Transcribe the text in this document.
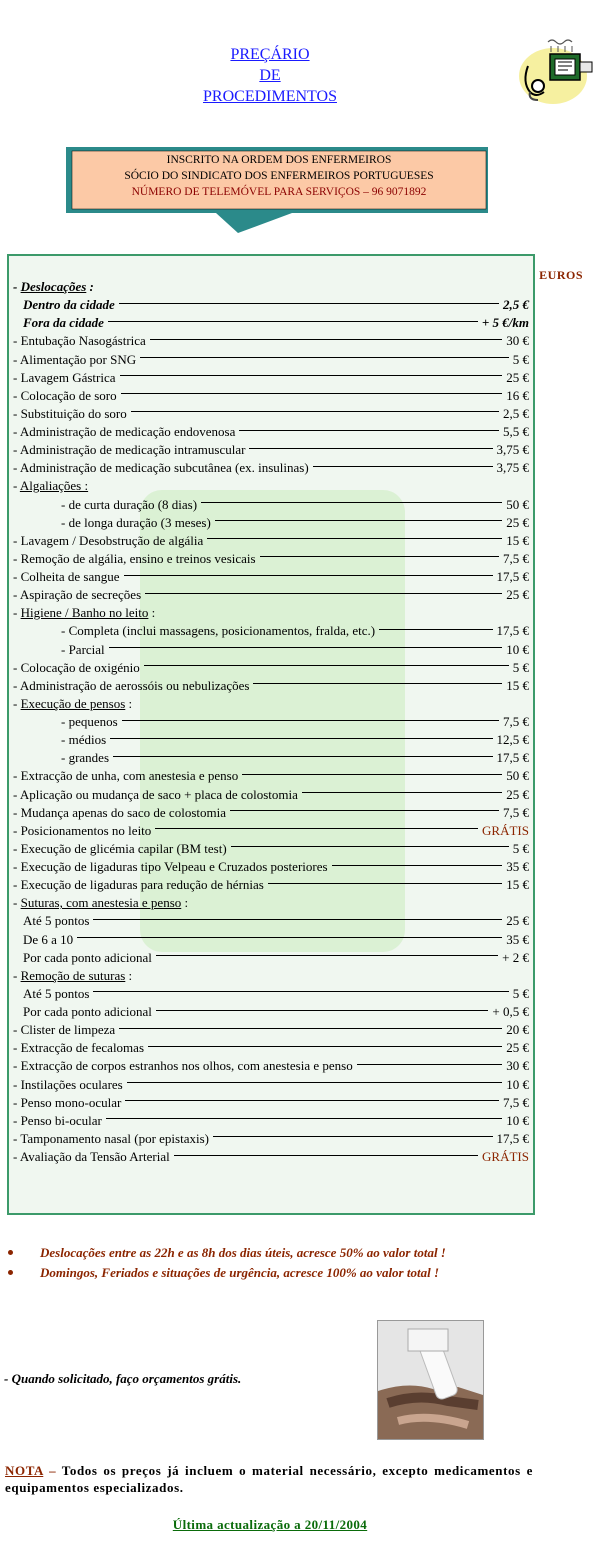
PREÇÁRIO
DE
PROCEDIMENTOS
INSCRITO NA ORDEM DOS ENFERMEIROS
SÓCIO DO SINDICATO DOS ENFERMEIROS PORTUGUESES
NÚMERO DE TELEMÓVEL PARA SERVIÇOS – 96 9071892
EUROS
- Deslocações :
Dentro da cidade	2,5 €
Fora da cidade	+ 5 €/km
- Entubação Nasogástrica	30 €
- Alimentação por SNG	5 €
- Lavagem Gástrica	25 €
- Colocação de soro	16 €
- Substituição do soro	2,5 €
- Administração de medicação endovenosa	5,5 €
- Administração de medicação intramuscular	3,75 €
- Administração de medicação subcutânea (ex. insulinas)	3,75 €
- Algaliações :
- de curta duração (8 dias)	50 €
- de longa duração (3 meses)	25 €
- Lavagem / Desobstrução de algália	15 €
- Remoção de algália, ensino e treinos vesicais	7,5 €
- Colheita de sangue	17,5 €
- Aspiração de secreções	25 €
- Higiene / Banho no leito :
- Completa (inclui massagens, posicionamentos, fralda, etc.)	17,5 €
- Parcial	10 €
- Colocação de oxigénio	5 €
- Administração de aerossóis ou nebulizações	15 €
- Execução de pensos :
- pequenos	7,5 €
- médios	12,5 €
- grandes	17,5 €
- Extracção de unha, com anestesia e penso	50 €
- Aplicação ou mudança de saco + placa de colostomia	25 €
- Mudança apenas do saco de colostomia	7,5 €
- Posicionamentos no leito	GRÁTIS
- Execução de glicémia capilar (BM test)	5 €
- Execução de ligaduras tipo Velpeau e Cruzados posteriores	35 €
- Execução de ligaduras para redução de hérnias	15 €
- Suturas, com anestesia e penso :
Até 5 pontos	25 €
De 6 a 10	35 €
Por cada ponto adicional	+ 2 €
- Remoção de suturas :
Até 5 pontos	5 €
Por cada ponto adicional	+ 0,5 €
- Clister de limpeza	20 €
- Extracção de fecalomas	25 €
- Extracção de corpos estranhos nos olhos, com anestesia e penso	30 €
- Instilações oculares	10 €
- Penso mono-ocular	7,5 €
- Penso bi-ocular	10 €
- Tamponamento nasal (por epistaxis)	17,5 €
- Avaliação da Tensão Arterial	GRÁTIS
Deslocações entre as 22h e as 8h dos dias úteis, acresce 50% ao valor total !
Domingos, Feriados e situações de urgência, acresce 100% ao valor total !
- Quando solicitado, faço orçamentos grátis.
NOTA – Todos os preços já incluem o material necessário, excepto medicamentos e equipamentos especializados.
Última actualização a 20/11/2004
